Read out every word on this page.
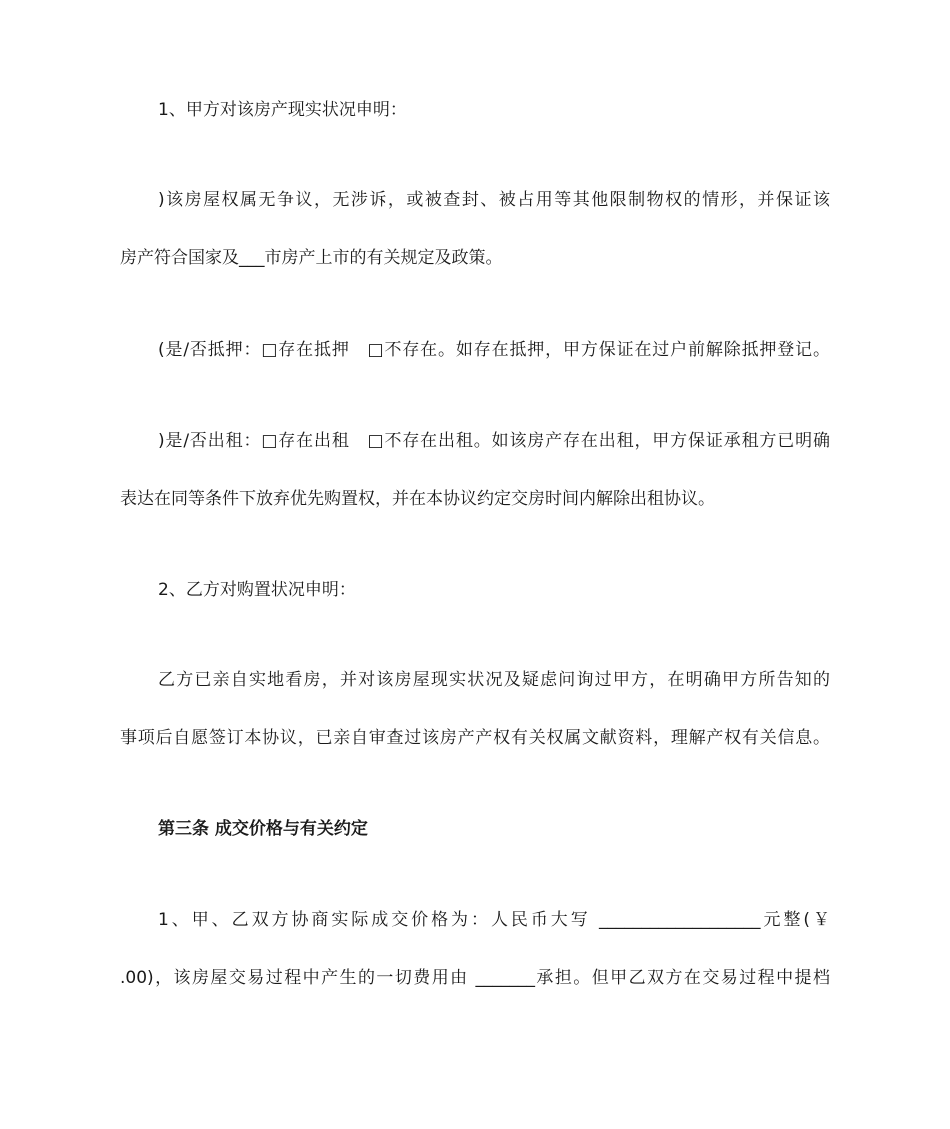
1、甲方对该房产现实状况申明：
)该房屋权属无争议，无涉诉，或被查封、被占用等其他限制物权的情形，并保证该
房产符合国家及___市房产上市的有关规定及政策。
(是/否抵押：□存在抵押　□不存在。如存在抵押，甲方保证在过户前解除抵押登记。
)是/否出租：□存在出租　□不存在出租。如该房产存在出租，甲方保证承租方已明确
表达在同等条件下放弃优先购置权，并在本协议约定交房时间内解除出租协议。
2、乙方对购置状况申明：
乙方已亲自实地看房，并对该房屋现实状况及疑虑问询过甲方，在明确甲方所告知的
事项后自愿签订本协议，已亲自审查过该房产产权有关权属文献资料，理解产权有关信息。
第三条 成交价格与有关约定
1、甲、乙双方协商实际成交价格为：人民币大写 ___________________元整(￥
.00)，该房屋交易过程中产生的一切费用由 _______承担。但甲乙双方在交易过程中提档
